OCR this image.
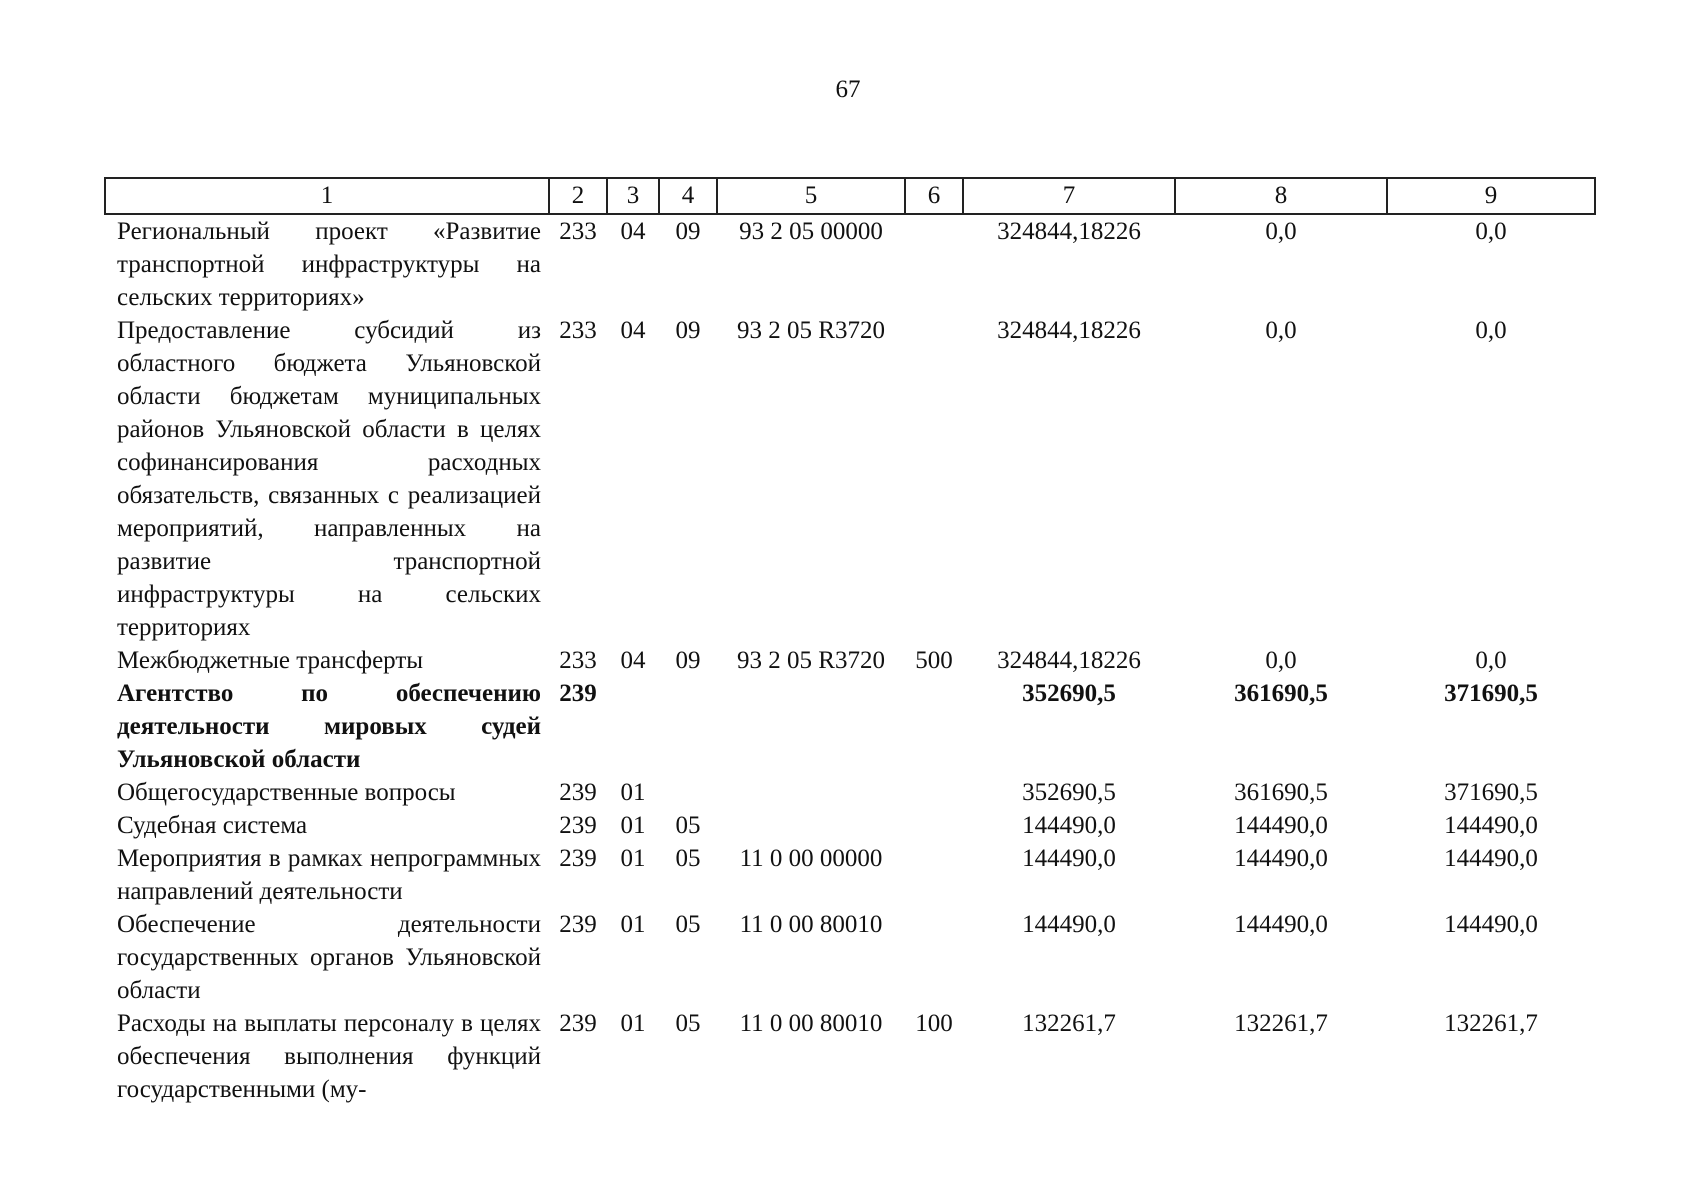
67
1	2	3	4	5	6	7	8	9
Региональный проект «Развитие транспортной инфраструктуры на сельских территориях»	233	04	09	93 2 05 00000		324844,18226	0,0	0,0
Предоставление субсидий из областного бюджета Ульяновской области бюджетам муниципальных районов Ульяновской области в целях софинансирования расходных обязательств, связанных с реализацией мероприятий, направленных на развитие транспортной инфраструктуры на сельских территориях	233	04	09	93 2 05 R3720		324844,18226	0,0	0,0
Межбюджетные трансферты	233	04	09	93 2 05 R3720	500	324844,18226	0,0	0,0
Агентство по обеспечению деятельности мировых судей Ульяновской области	239					352690,5	361690,5	371690,5
Общегосударственные вопросы	239	01				352690,5	361690,5	371690,5
Судебная система	239	01	05			144490,0	144490,0	144490,0
Мероприятия в рамках непрограммных направлений деятельности	239	01	05	11 0 00 00000		144490,0	144490,0	144490,0
Обеспечение деятельности государственных органов Ульяновской области	239	01	05	11 0 00 80010		144490,0	144490,0	144490,0
Расходы на выплаты персоналу в целях обеспечения выполнения функций государственными (му-	239	01	05	11 0 00 80010	100	132261,7	132261,7	132261,7
